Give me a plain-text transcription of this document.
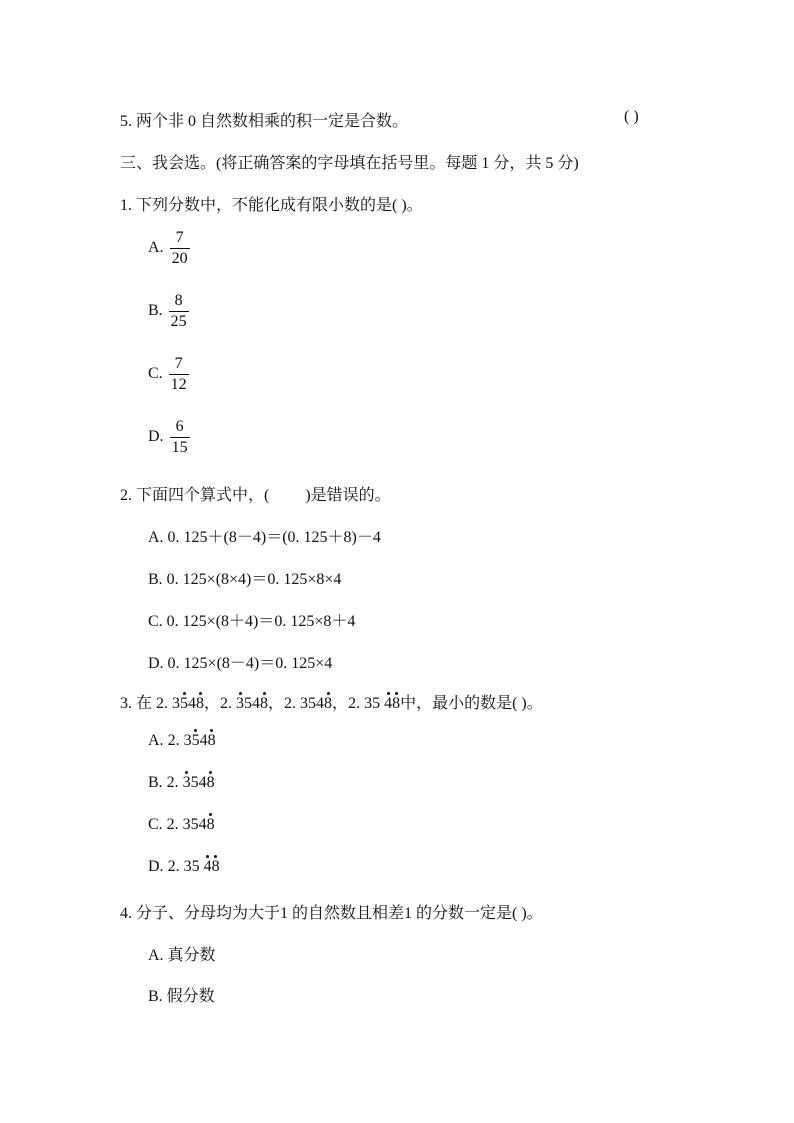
5. 两个非 0 自然数相乘的积一定是合数。	( )
三、我会选。(将正确答案的字母填在括号里。每题 1 分，共 5 分)
1. 下列分数中，不能化成有限小数的是( )。
A. $\frac{7}{20}$
B. $\frac{8}{25}$
C. $\frac{7}{12}$
D. $\frac{6}{15}$
2. 下面四个算式中，( )是错误的。
A. 0. 125＋(8－4)＝(0. 125＋8)－4
B. 0. 125×(8×4)＝0. 125×8×4
C. 0. 125×(8＋4)＝0. 125×8＋4
D. 0. 125×(8－4)＝0. 125×4
3. 在 2. 3548，2. 3548，2. 3548，2. 35 48中，最小的数是( )。
A. 2. 3548
B. 2. 3548
C. 2. 3548
D. 2. 35 48
4. 分子、分母均为大于1 的自然数且相差1 的分数一定是( )。
A. 真分数
B. 假分数
